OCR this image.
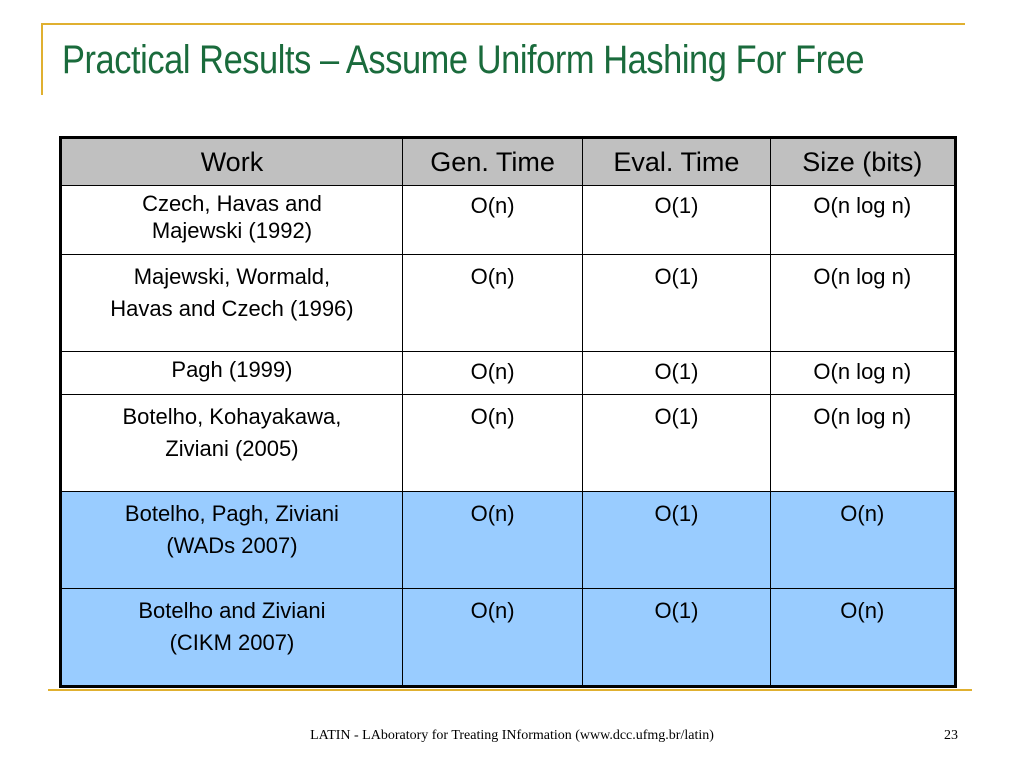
Practical Results – Assume Uniform Hashing For Free
Work	Gen. Time	Eval. Time	Size (bits)
Czech, Havas and
Majewski (1992)	O(n)	O(1)	O(n log n)
Majewski, Wormald,
Havas and Czech (1996)	O(n)	O(1)	O(n log n)
Pagh (1999)	O(n)	O(1)	O(n log n)
Botelho, Kohayakawa,
Ziviani (2005)	O(n)	O(1)	O(n log n)
Botelho, Pagh, Ziviani
(WADs 2007)	O(n)	O(1)	O(n)
Botelho and Ziviani
(CIKM 2007)	O(n)	O(1)	O(n)
LATIN - LAboratory for Treating INformation (www.dcc.ufmg.br/latin)	23
